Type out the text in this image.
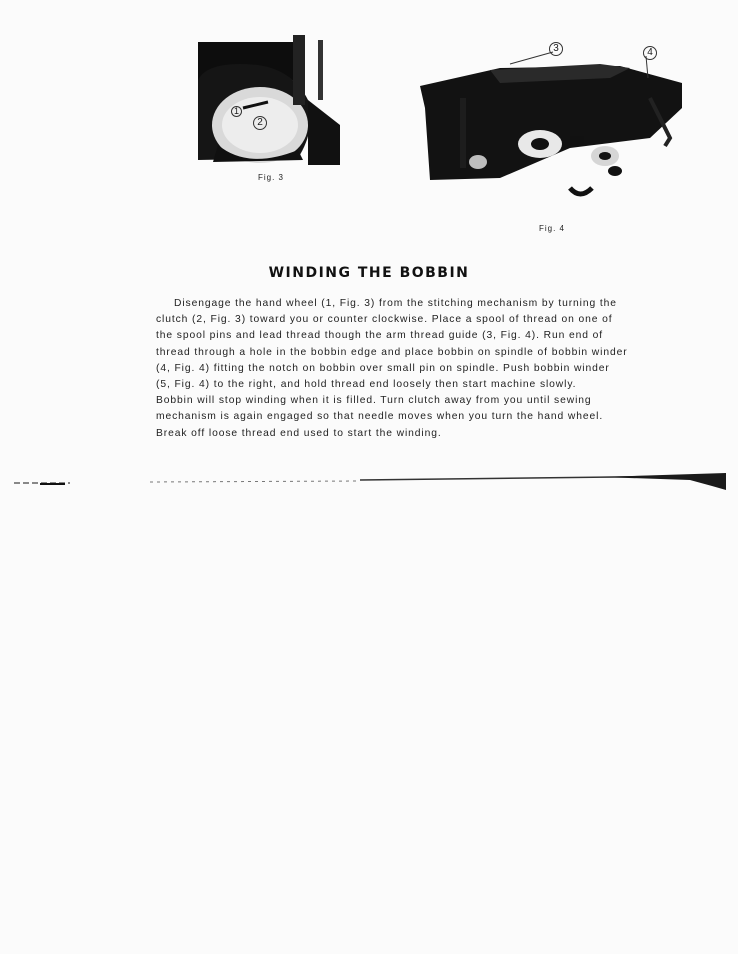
1
2
Fig. 3
3	4
Fig. 4
WINDING THE BOBBIN
Disengage the hand wheel (1, Fig. 3) from the stitching mechanism by turning the
clutch (2, Fig. 3) toward you or counter clockwise. Place a spool of thread on one of
the spool pins and lead thread though the arm thread guide (3, Fig. 4). Run end of
thread through a hole in the bobbin edge and place bobbin on spindle of bobbin winder
(4, Fig. 4) fitting the notch on bobbin over small pin on spindle. Push bobbin winder
(5, Fig. 4) to the right, and hold thread end loosely then start machine slowly.
Bobbin will stop winding when it is filled. Turn clutch away from you until sewing
mechanism is again engaged so that needle moves when you turn the hand wheel.
Break off loose thread end used to start the winding.
